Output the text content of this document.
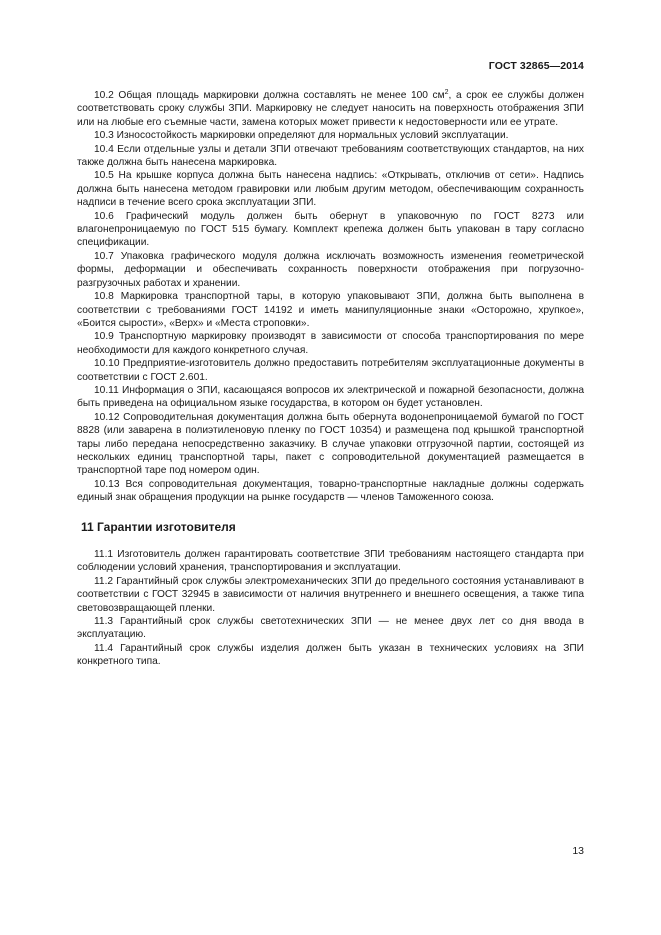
ГОСТ 32865—2014

10.2 Общая площадь маркировки должна составлять не менее 100 $см^2$, а срок ее службы должен соответствовать сроку службы ЗПИ. Маркировку не следует наносить на поверхность отображения ЗПИ или на любые его съемные части, замена которых может привести к недостоверности или ее утрате.

10.3 Износостойкость маркировки определяют для нормальных условий эксплуатации.

10.4 Если отдельные узлы и детали ЗПИ отвечают требованиям соответствующих стандартов, на них также должна быть нанесена маркировка.

10.5 На крышке корпуса должна быть нанесена надпись: «Открывать, отключив от сети». Надпись должна быть нанесена методом гравировки или любым другим методом, обеспечивающим сохранность надписи в течение всего срока эксплуатации ЗПИ.

10.6 Графический модуль должен быть обернут в упаковочную по ГОСТ 8273 или влагонепроницаемую по ГОСТ 515 бумагу. Комплект крепежа должен быть упакован в тару согласно спецификации.

10.7 Упаковка графического модуля должна исключать возможность изменения геометрической формы, деформации и обеспечивать сохранность поверхности отображения при погрузочно-разгрузочных работах и хранении.

10.8 Маркировка транспортной тары, в которую упаковывают ЗПИ, должна быть выполнена в соответствии с требованиями ГОСТ 14192 и иметь манипуляционные знаки «Осторожно, хрупкое», «Боится сырости», «Верх» и «Места строповки».

10.9 Транспортную маркировку производят в зависимости от способа транспортирования по мере необходимости для каждого конкретного случая.

10.10 Предприятие-изготовитель должно предоставить потребителям эксплуатационные документы в соответствии с ГОСТ 2.601.

10.11 Информация о ЗПИ, касающаяся вопросов их электрической и пожарной безопасности, должна быть приведена на официальном языке государства, в котором он будет установлен.

10.12 Сопроводительная документация должна быть обернута водонепроницаемой бумагой по ГОСТ 8828 (или заварена в полиэтиленовую пленку по ГОСТ 10354) и размещена под крышкой транспортной тары либо передана непосредственно заказчику. В случае упаковки отгрузочной партии, состоящей из нескольких единиц транспортной тары, пакет с сопроводительной документацией размещается в транспортной таре под номером один.

10.13 Вся сопроводительная документация, товарно-транспортные накладные должны содержать единый знак обращения продукции на рынке государств — членов Таможенного союза.

11 Гарантии изготовителя

11.1 Изготовитель должен гарантировать соответствие ЗПИ требованиям настоящего стандарта при соблюдении условий хранения, транспортирования и эксплуатации.

11.2 Гарантийный срок службы электромеханических ЗПИ до предельного состояния устанавливают в соответствии с ГОСТ 32945 в зависимости от наличия внутреннего и внешнего освещения, а также типа световозвращающей пленки.

11.3 Гарантийный срок службы светотехнических ЗПИ — не менее двух лет со дня ввода в эксплуатацию.

11.4 Гарантийный срок службы изделия должен быть указан в технических условиях на ЗПИ конкретного типа.

13
